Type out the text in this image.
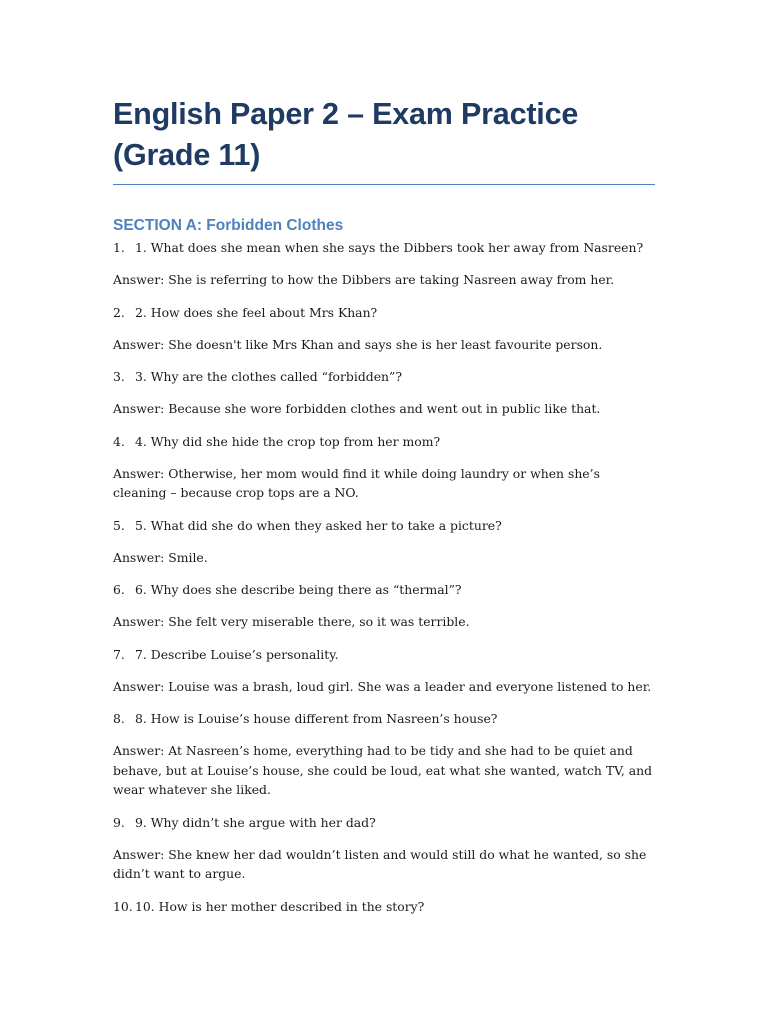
English Paper 2 – Exam Practice (Grade 11)
SECTION A: Forbidden Clothes

1. 1. What does she mean when she says the Dibbers took her away from Nasreen?

Answer: She is referring to how the Dibbers are taking Nasreen away from her.

2. 2. How does she feel about Mrs Khan?

Answer: She doesn't like Mrs Khan and says she is her least favourite person.

3. 3. Why are the clothes called “forbidden”?

Answer: Because she wore forbidden clothes and went out in public like that.

4. 4. Why did she hide the crop top from her mom?

Answer: Otherwise, her mom would find it while doing laundry or when she’s cleaning – because crop tops are a NO.

5. 5. What did she do when they asked her to take a picture?

Answer: Smile.

6. 6. Why does she describe being there as “thermal”?

Answer: She felt very miserable there, so it was terrible.

7. 7. Describe Louise’s personality.

Answer: Louise was a brash, loud girl. She was a leader and everyone listened to her.

8. 8. How is Louise’s house different from Nasreen’s house?

Answer: At Nasreen’s home, everything had to be tidy and she had to be quiet and behave, but at Louise’s house, she could be loud, eat what she wanted, watch TV, and wear whatever she liked.

9. 9. Why didn’t she argue with her dad?

Answer: She knew her dad wouldn’t listen and would still do what he wanted, so she didn’t want to argue.

10. 10. How is her mother described in the story?
